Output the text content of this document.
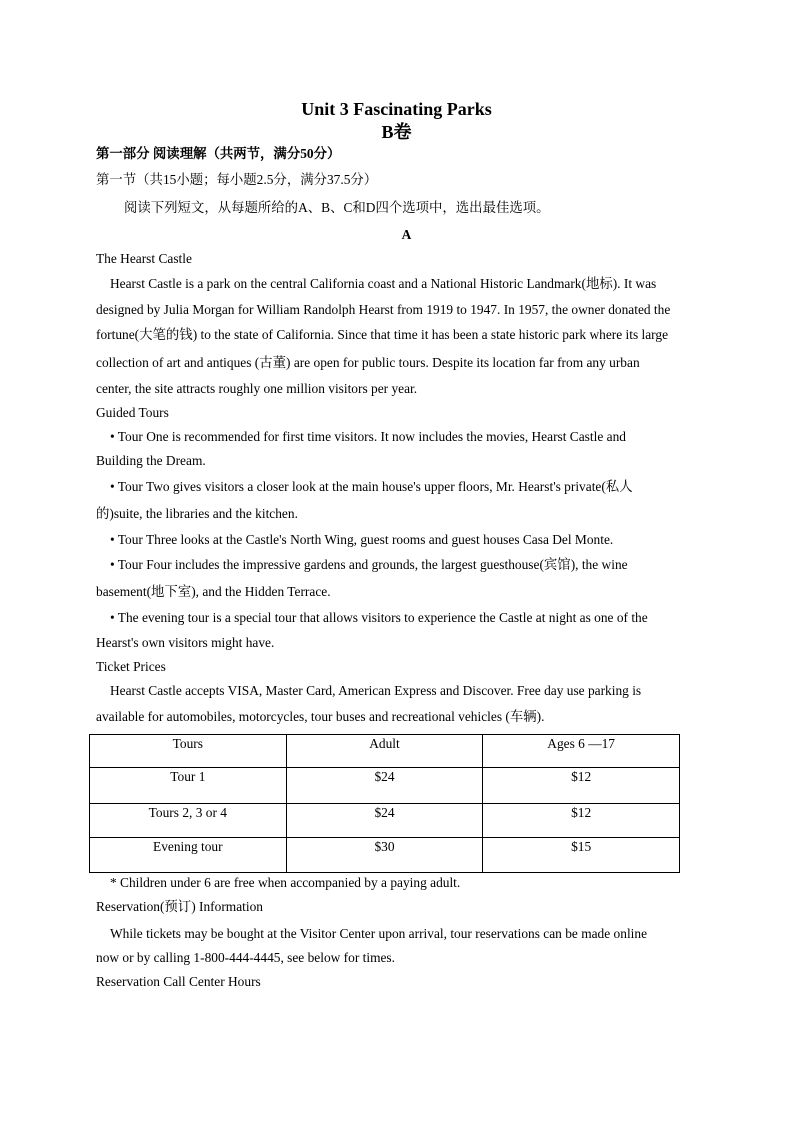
Unit 3 Fascinating Parks
B卷
第一部分 阅读理解（共两节，满分50分）
第一节（共15小题；每小题2.5分，满分37.5分）
阅读下列短文，从每题所给的A、B、C和D四个选项中，选出最佳选项。
A
The Hearst Castle
Hearst Castle is a park on the central California coast and a National Historic Landmark(地标). It was
designed by Julia Morgan for William Randolph Hearst from 1919 to 1947. In 1957, the owner donated the
fortune(大笔的钱) to the state of California. Since that time it has been a state historic park where its large
collection of art and antiques (古董) are open for public tours. Despite its location far from any urban
center, the site attracts roughly one million visitors per year.
Guided Tours
• Tour One is recommended for first time visitors. It now includes the movies, Hearst Castle and
Building the Dream.
• Tour Two gives visitors a closer look at the main house's upper floors, Mr. Hearst's private(私人
的)suite, the libraries and the kitchen.
• Tour Three looks at the Castle's North Wing, guest rooms and guest houses Casa Del Monte.
• Tour Four includes the impressive gardens and grounds, the largest guesthouse(宾馆), the wine
basement(地下室), and the Hidden Terrace.
• The evening tour is a special tour that allows visitors to experience the Castle at night as one of the
Hearst's own visitors might have.
Ticket Prices
Hearst Castle accepts VISA, Master Card, American Express and Discover. Free day use parking is
available for automobiles, motorcycles, tour buses and recreational vehicles (车辆).
Tours	Adult	Ages 6 —17
Tour 1	$24	$12
Tours 2, 3 or 4	$24	$12
Evening tour	$30	$15
* Children under 6 are free when accompanied by a paying adult.
Reservation(预订) Information
While tickets may be bought at the Visitor Center upon arrival, tour reservations can be made online
now or by calling 1-800-444-4445, see below for times.
Reservation Call Center Hours
